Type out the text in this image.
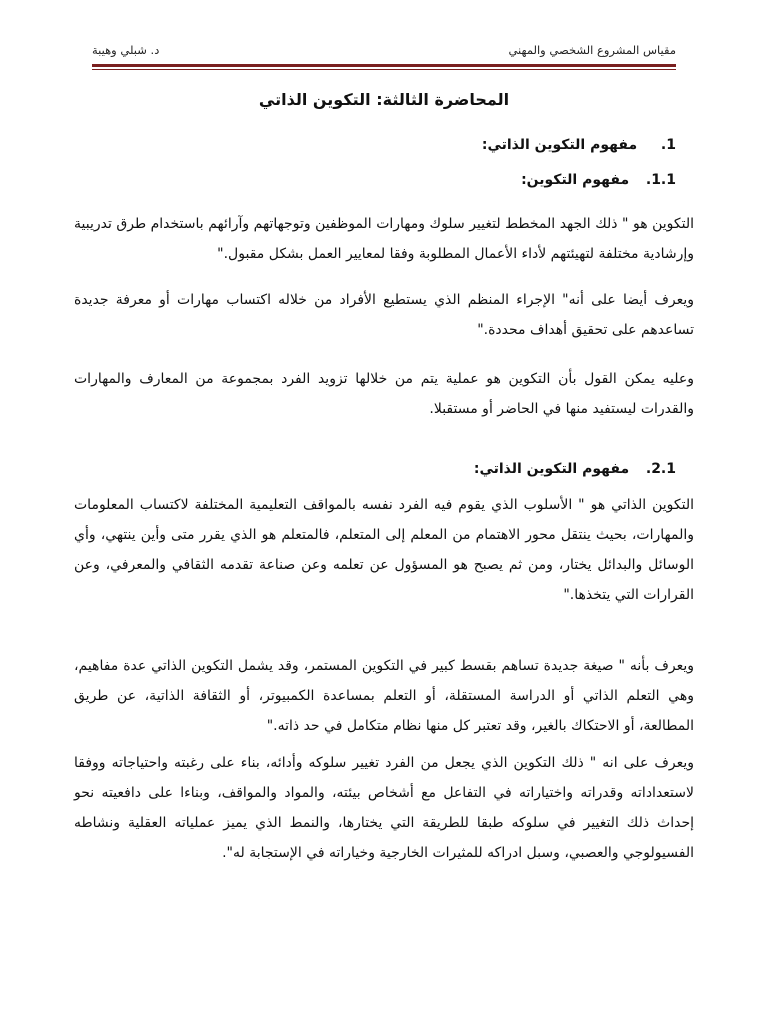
د. شبلي وهيبة	مقياس المشروع الشخصي والمهني
المحاضرة الثالثة: التكوين الذاتي
1. مفهوم التكوين الذاتي:
1.1. مفهوم التكوين:

التكوين هو " ذلك الجهد المخطط لتغيير سلوك ومهارات الموظفين وتوجهاتهم وآرائهم باستخدام طرق تدريبية وإرشادية مختلفة لتهيئتهم لأداء الأعمال المطلوبة وفقا لمعايير العمل بشكل مقبول."

ويعرف أيضا على أنه" الإجراء المنظم الذي يستطيع الأفراد من خلاله اكتساب مهارات أو معرفة جديدة تساعدهم على تحقيق أهداف محددة."

وعليه يمكن القول بأن التكوين هو عملية يتم من خلالها تزويد الفرد بمجموعة من المعارف والمهارات والقدرات ليستفيد منها في الحاضر أو مستقبلا.

2.1. مفهوم التكوين الذاتي:

التكوين الذاتي هو " الأسلوب الذي يقوم فيه الفرد نفسه بالمواقف التعليمية المختلفة لاكتساب المعلومات والمهارات، بحيث ينتقل محور الاهتمام من المعلم إلى المتعلم، فالمتعلم هو الذي يقرر متى وأين ينتهي، وأي الوسائل والبدائل يختار، ومن ثم يصبح هو المسؤول عن تعلمه وعن صناعة تقدمه الثقافي والمعرفي، وعن القرارات التي يتخذها."

ويعرف بأنه " صيغة جديدة تساهم بقسط كبير في التكوين المستمر، وقد يشمل التكوين الذاتي عدة مفاهيم، وهي التعلم الذاتي أو الدراسة المستقلة، أو التعلم بمساعدة الكمبيوتر، أو الثقافة الذاتية، عن طريق المطالعة، أو الاحتكاك بالغير، وقد تعتبر كل منها نظام متكامل في حد ذاته."

ويعرف على انه " ذلك التكوين الذي يجعل من الفرد تغيير سلوكه وأدائه، بناء على رغبته واحتياجاته ووفقا لاستعداداته وقدراته واختياراته في التفاعل مع أشخاص بيئته، والمواد والمواقف، وبناءا على دافعيته نحو إحداث ذلك التغيير في سلوكه طبقا للطريقة التي يختارها، والنمط الذي يميز عملياته العقلية ونشاطه الفسيولوجي والعصبي، وسبل ادراكه للمثيرات الخارجية وخياراته في الإستجابة له".
